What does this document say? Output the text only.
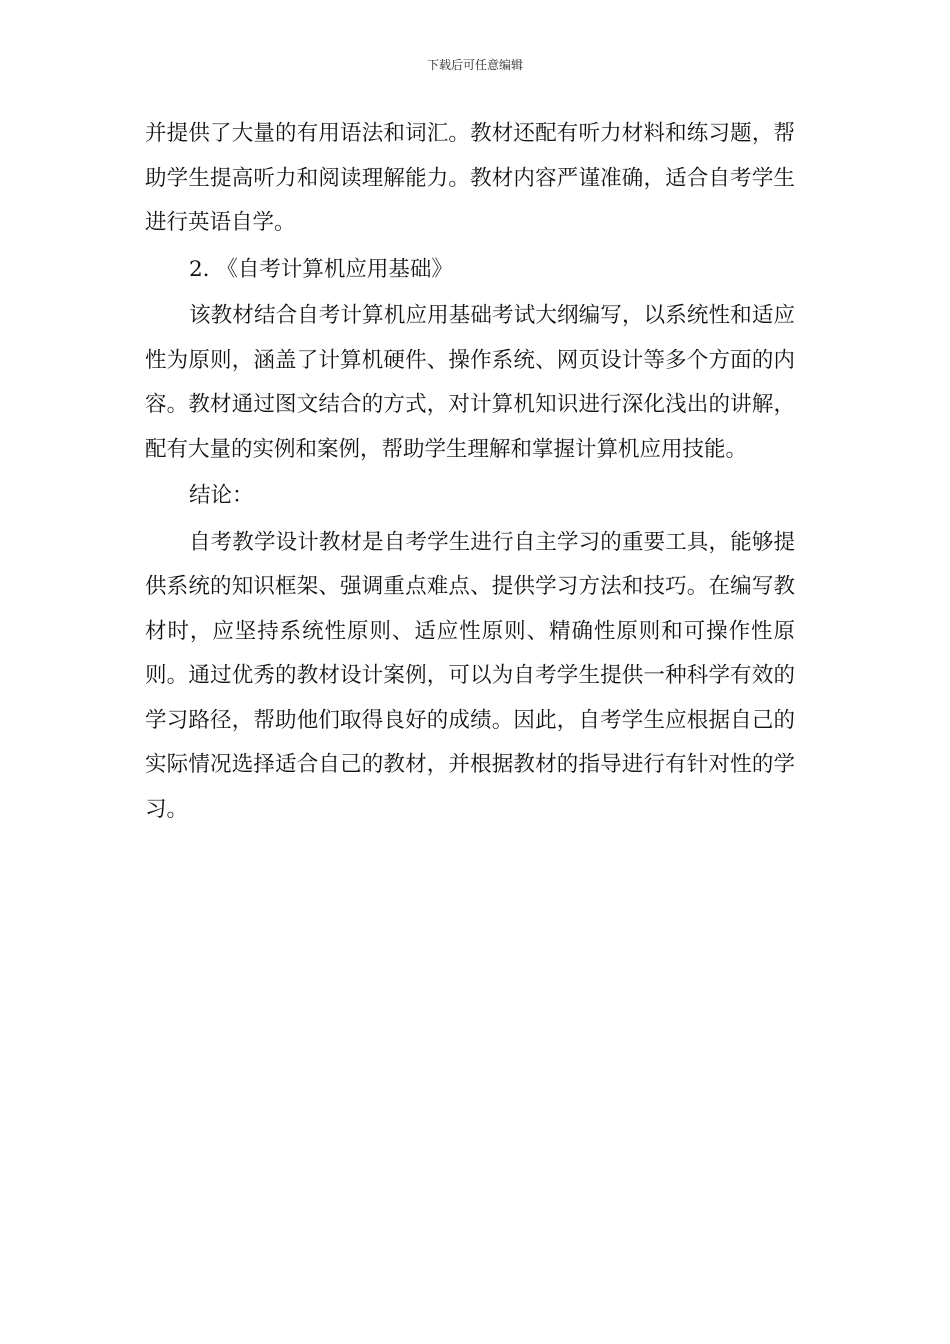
下载后可任意编辑

并提供了大量的有用语法和词汇。教材还配有听力材料和练习题，帮助学生提高听力和阅读理解能力。教材内容严谨准确，适合自考学生进行英语自学。

2. 《自考计算机应用基础》

该教材结合自考计算机应用基础考试大纲编写，以系统性和适应性为原则，涵盖了计算机硬件、操作系统、网页设计等多个方面的内容。教材通过图文结合的方式，对计算机知识进行深化浅出的讲解，配有大量的实例和案例，帮助学生理解和掌握计算机应用技能。

结论：

自考教学设计教材是自考学生进行自主学习的重要工具，能够提供系统的知识框架、强调重点难点、提供学习方法和技巧。在编写教材时，应坚持系统性原则、适应性原则、精确性原则和可操作性原则。通过优秀的教材设计案例，可以为自考学生提供一种科学有效的学习路径，帮助他们取得良好的成绩。因此，自考学生应根据自己的实际情况选择适合自己的教材，并根据教材的指导进行有针对性的学习。
